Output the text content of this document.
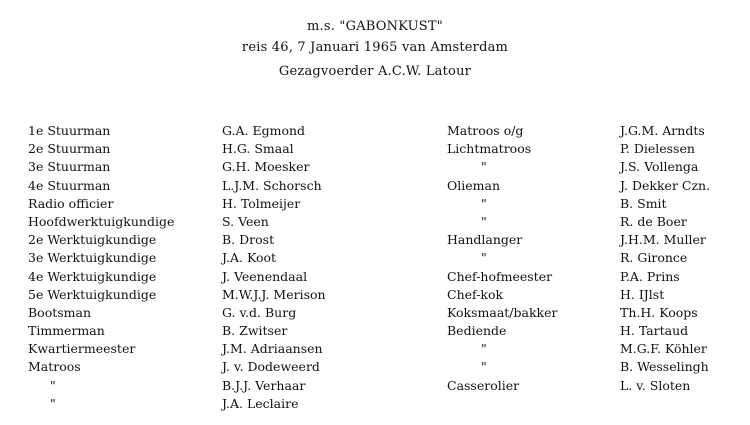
m.s. "GABONKUST"
reis 46, 7 Januari 1965 van Amsterdam
Gezagvoerder A.C.W. Latour
1e Stuurman
2e Stuurman
3e Stuurman
4e Stuurman
Radio officier
Hoofdwerktuigkundige
2e Werktuigkundige
3e Werktuigkundige
4e Werktuigkundige
5e Werktuigkundige
Bootsman
Timmerman
Kwartiermeester
Matroos
"
"
G.A. Egmond
H.G. Smaal
G.H. Moesker
L.J.M. Schorsch
H. Tolmeijer
S. Veen
B. Drost
J.A. Koot
J. Veenendaal
M.W.J.J. Merison
G. v.d. Burg
B. Zwitser
J.M. Adriaansen
J. v. Dodeweerd
B.J.J. Verhaar
J.A. Leclaire
Matroos o/g
Lichtmatroos
"
Olieman
"
"
Handlanger
"
Chef-hofmeester
Chef-kok
Koksmaat/bakker
Bediende
"
"
Casserolier
J.G.M. Arndts
P. Dielessen
J.S. Vollenga
J. Dekker Czn.
B. Smit
R. de Boer
J.H.M. Muller
R. Gironce
P.A. Prins
H. IJlst
Th.H. Koops
H. Tartaud
M.G.F. Köhler
B. Wesselingh
L. v. Sloten
